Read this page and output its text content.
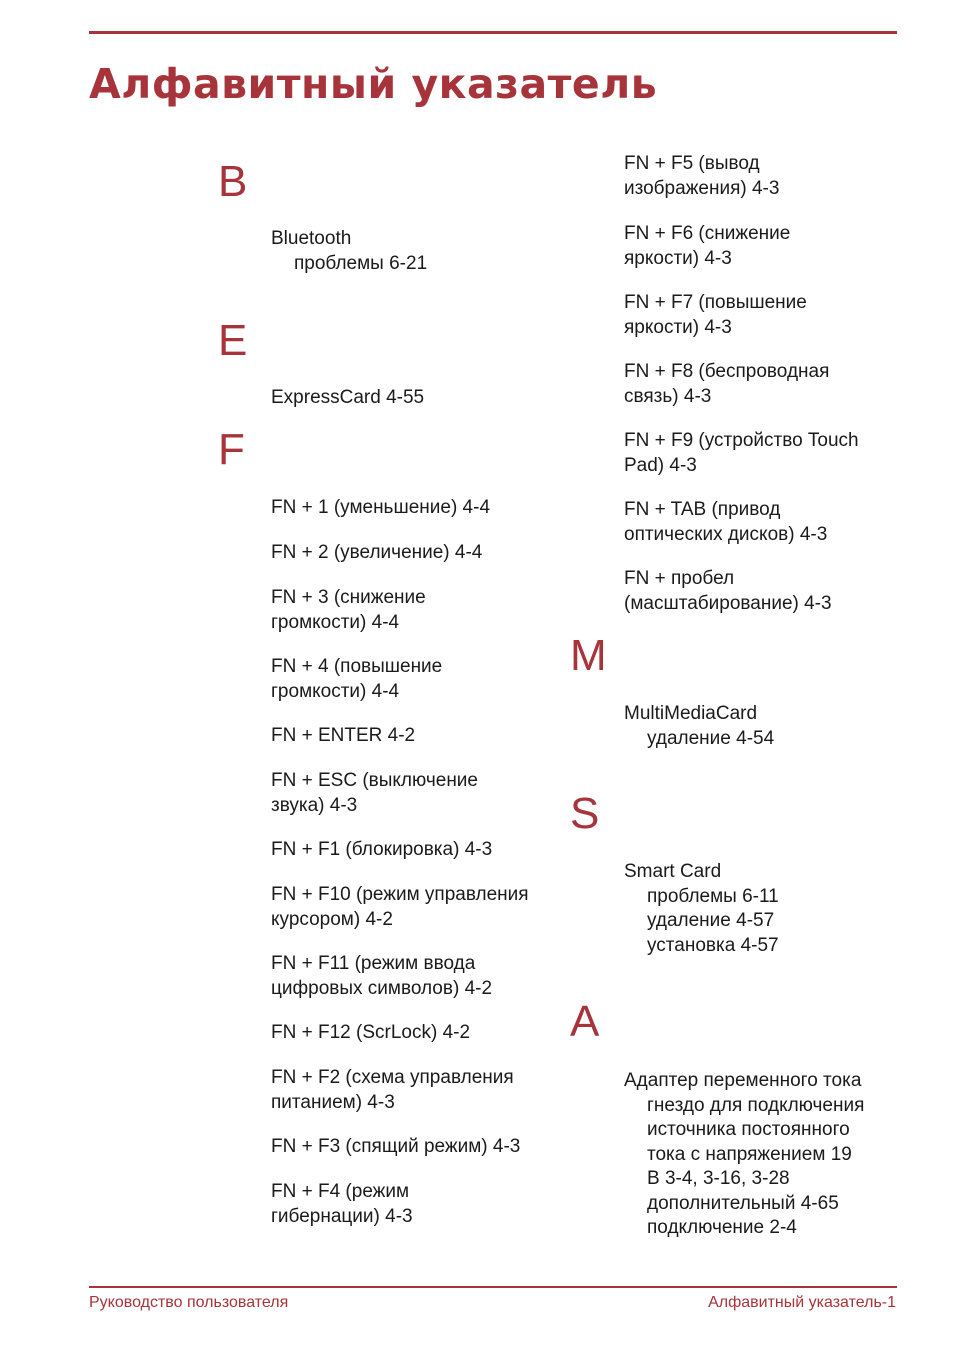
Алфавитный указатель
B
Bluetooth
проблемы 6-21
E
ExpressCard 4-55
F
FN + 1 (уменьшение) 4-4
FN + 2 (увеличение) 4-4
FN + 3 (снижение
громкости) 4-4
FN + 4 (повышение
громкости) 4-4
FN + ENTER 4-2
FN + ESC (выключение
звука) 4-3
FN + F1 (блокировка) 4-3
FN + F10 (режим управления
курсором) 4-2
FN + F11 (режим ввода
цифровых символов) 4-2
FN + F12 (ScrLock) 4-2
FN + F2 (схема управления
питанием) 4-3
FN + F3 (спящий режим) 4-3
FN + F4 (режим
гибернации) 4-3
FN + F5 (вывод
изображения) 4-3
FN + F6 (снижение
яркости) 4-3
FN + F7 (повышение
яркости) 4-3
FN + F8 (беспроводная
связь) 4-3
FN + F9 (устройство Touch
Pad) 4-3
FN + TAB (привод
оптических дисков) 4-3
FN + пробел
(масштабирование) 4-3
M
MultiMediaCard
удаление 4-54
S
Smart Card
проблемы 6-11
удаление 4-57
установка 4-57
А
Адаптер переменного тока
гнездо для подключения
источника постоянного
тока с напряжением 19
В 3-4, 3-16, 3-28
дополнительный 4-65
подключение 2-4
Руководство пользователя	Алфавитный указатель-1
